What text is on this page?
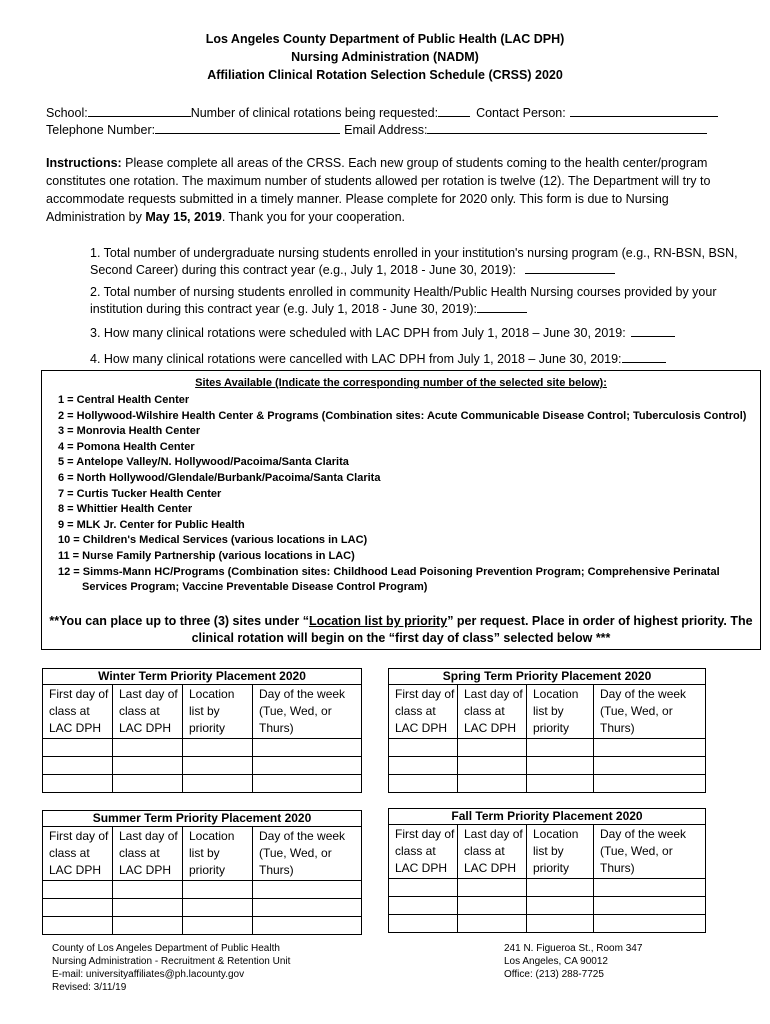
Los Angeles County Department of Public Health (LAC DPH)
Nursing Administration (NADM)
Affiliation Clinical Rotation Selection Schedule (CRSS) 2020
School:	Number of clinical rotations being requested:	Contact Person:
Telephone Number:	Email Address:
Instructions: Please complete all areas of the CRSS. Each new group of students coming to the health center/program constitutes one rotation. The maximum number of students allowed per rotation is twelve (12). The Department will try to accommodate requests submitted in a timely manner. Please complete for 2020 only. This form is due to Nursing Administration by May 15, 2019. Thank you for your cooperation.
1. Total number of undergraduate nursing students enrolled in your institution's nursing program (e.g., RN-BSN, BSN, Second Career) during this contract year (e.g., July 1, 2018 - June 30, 2019):
2. Total number of nursing students enrolled in community Health/Public Health Nursing courses provided by your institution during this contract year (e.g. July 1, 2018 - June 30, 2019):
3. How many clinical rotations were scheduled with LAC DPH from July 1, 2018 – June 30, 2019:
4. How many clinical rotations were cancelled with LAC DPH from July 1, 2018 – June 30, 2019:
Sites Available (Indicate the corresponding number of the selected site below):
1 = Central Health Center
2 = Hollywood-Wilshire Health Center & Programs (Combination sites: Acute Communicable Disease Control; Tuberculosis Control)
3 = Monrovia Health Center
4 = Pomona Health Center
5 = Antelope Valley/N. Hollywood/Pacoima/Santa Clarita
6 = North Hollywood/Glendale/Burbank/Pacoima/Santa Clarita
7 = Curtis Tucker Health Center
8 = Whittier Health Center
9 = MLK Jr. Center for Public Health
10 = Children's Medical Services (various locations in LAC)
11 = Nurse Family Partnership (various locations in LAC)
12 = Simms-Mann HC/Programs (Combination sites: Childhood Lead Poisoning Prevention Program; Comprehensive Perinatal
Services Program; Vaccine Preventable Disease Control Program)
**You can place up to three (3) sites under “Location list by priority” per request. Place in order of highest priority. The clinical rotation will begin on the “first day of class” selected below ***
Winter Term Priority Placement 2020			
First day of class at LAC DPH	Last day of class at LAC DPH	Location list by priority	Day of the week (Tue, Wed, or Thurs)

Spring Term Priority Placement 2020			
First day of class at LAC DPH	Last day of class at LAC DPH	Location list by priority	Day of the week (Tue, Wed, or Thurs)

Summer Term Priority Placement 2020			
First day of class at LAC DPH	Last day of class at LAC DPH	Location list by priority	Day of the week (Tue, Wed, or Thurs)

Fall Term Priority Placement 2020			
First day of class at LAC DPH	Last day of class at LAC DPH	Location list by priority	Day of the week (Tue, Wed, or Thurs)

County of Los Angeles Department of Public Health
Nursing Administration - Recruitment & Retention Unit
E-mail: universityaffiliates@ph.lacounty.gov
Revised: 3/11/19
241 N. Figueroa St., Room 347
Los Angeles, CA 90012
Office: (213) 288-7725
